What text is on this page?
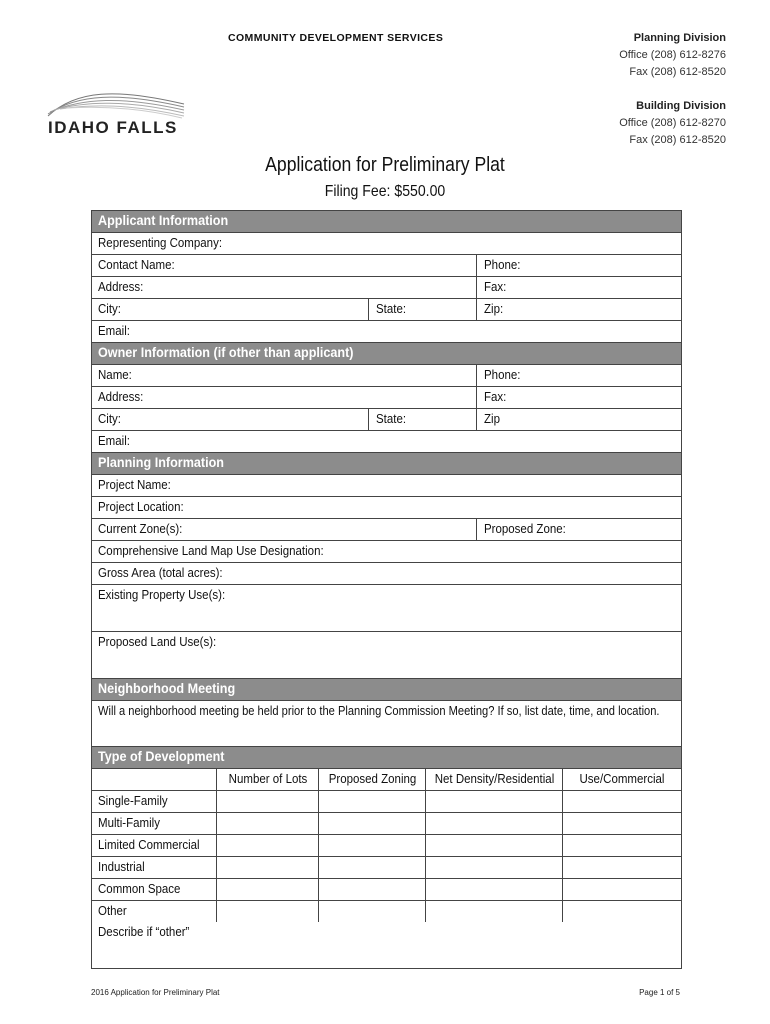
COMMUNITY DEVELOPMENT SERVICES	Planning Division
Office (208) 612-8276
Fax (208) 612-8520
Building Division
Office (208) 612-8270
Fax (208) 612-8520
IDAHO FALLS
Application for Preliminary Plat
Filing Fee: $550.00
Applicant Information
Representing Company:
Contact Name:	Phone:
Address:	Fax:
City:	State:	Zip:
Email:
Owner Information (if other than applicant)
Name:	Phone:
Address:	Fax:
City:	State:	Zip
Email:
Planning Information
Project Name:
Project Location:
Current Zone(s):	Proposed Zone:
Comprehensive Land Map Use Designation:
Gross Area (total acres):
Existing Property Use(s):
Proposed Land Use(s):
Neighborhood Meeting
Will a neighborhood meeting be held prior to the Planning Commission Meeting? If so, list date, time, and location.
Type of Development
Number of Lots	Proposed Zoning	Net Density/Residential	Use/Commercial
Single-Family
Multi-Family
Limited Commercial
Industrial
Common Space
Other
Describe if “other”
2016 Application for Preliminary Plat	Page 1 of 5
